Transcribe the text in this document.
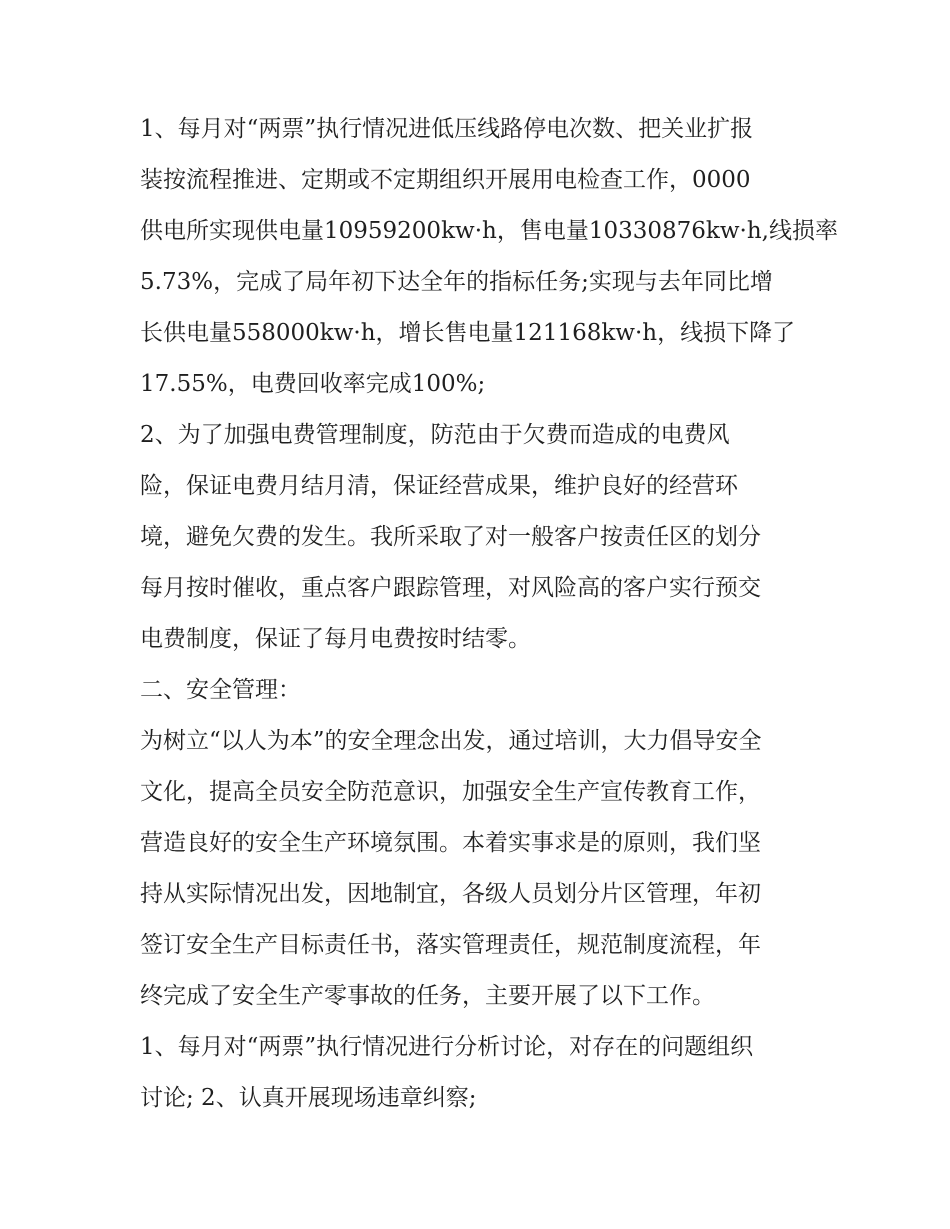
1、每月对“两票”执行情况进低压线路停电次数、把关业扩报
装按流程推进、定期或不定期组织开展用电检查工作，0000
供电所实现供电量10959200kw·h，售电量10330876kw·h,线损率
5.73%，完成了局年初下达全年的指标任务;实现与去年同比增
长供电量558000kw·h，增长售电量121168kw·h，线损下降了
17.55%，电费回收率完成100%;
2、为了加强电费管理制度，防范由于欠费而造成的电费风
险，保证电费月结月清，保证经营成果，维护良好的经营环
境，避免欠费的发生。我所采取了对一般客户按责任区的划分
每月按时催收，重点客户跟踪管理，对风险高的客户实行预交
电费制度，保证了每月电费按时结零。
二、安全管理：
为树立“以人为本”的安全理念出发，通过培训，大力倡导安全
文化，提高全员安全防范意识，加强安全生产宣传教育工作，
营造良好的安全生产环境氛围。本着实事求是的原则，我们坚
持从实际情况出发，因地制宜，各级人员划分片区管理，年初
签订安全生产目标责任书，落实管理责任，规范制度流程，年
终完成了安全生产零事故的任务，主要开展了以下工作。
1、每月对“两票”执行情况进行分析讨论，对存在的问题组织
讨论; 2、认真开展现场违章纠察;
